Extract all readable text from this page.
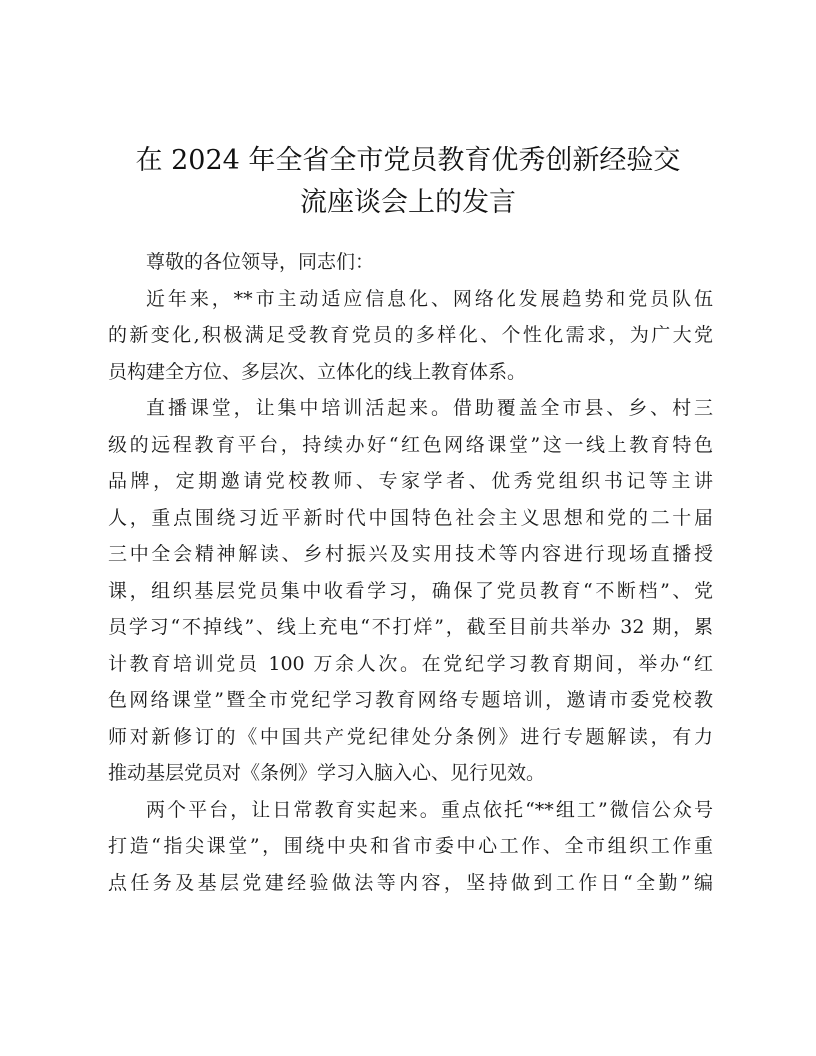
在 2024 年全省全市党员教育优秀创新经验交
流座谈会上的发言

尊敬的各位领导，同志们：

近年来，**市主动适应信息化、网络化发展趋势和党员队伍
的新变化,积极满足受教育党员的多样化、个性化需求，为广大党
员构建全方位、多层次、立体化的线上教育体系。

直播课堂，让集中培训活起来。借助覆盖全市县、乡、村三
级的远程教育平台，持续办好“红色网络课堂”这一线上教育特色
品牌，定期邀请党校教师、专家学者、优秀党组织书记等主讲
人，重点围绕习近平新时代中国特色社会主义思想和党的二十届
三中全会精神解读、乡村振兴及实用技术等内容进行现场直播授
课，组织基层党员集中收看学习，确保了党员教育“不断档”、党
员学习“不掉线”、线上充电“不打烊”，截至目前共举办 32 期，累
计教育培训党员 100 万余人次。在党纪学习教育期间，举办“红
色网络课堂”暨全市党纪学习教育网络专题培训，邀请市委党校教
师对新修订的《中国共产党纪律处分条例》进行专题解读，有力
推动基层党员对《条例》学习入脑入心、见行见效。

两个平台，让日常教育实起来。重点依托“**组工”微信公众号
打造“指尖课堂”，围绕中央和省市委中心工作、全市组织工作重
点任务及基层党建经验做法等内容，坚持做到工作日“全勤”编
